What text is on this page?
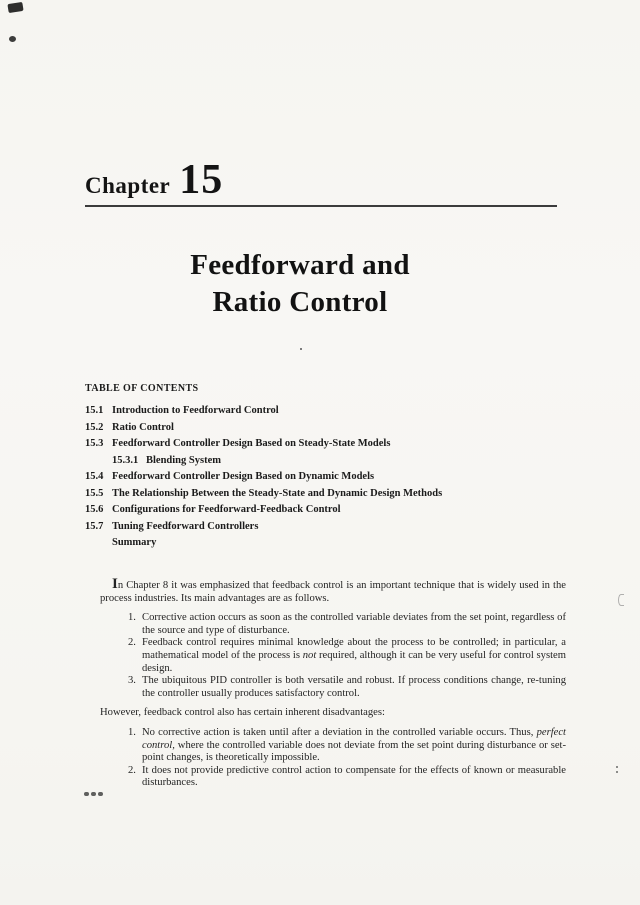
Chapter 15
Feedforward and
Ratio Control
TABLE OF CONTENTS
15.1 Introduction to Feedforward Control
15.2 Ratio Control
15.3 Feedforward Controller Design Based on Steady-State Models
15.3.1 Blending System
15.4 Feedforward Controller Design Based on Dynamic Models
15.5 The Relationship Between the Steady-State and Dynamic Design Methods
15.6 Configurations for Feedforward-Feedback Control
15.7 Tuning Feedforward Controllers
Summary

In Chapter 8 it was emphasized that feedback control is an important technique that is widely used in the process industries. Its main advantages are as follows.

1. Corrective action occurs as soon as the controlled variable deviates from the set point, regardless of the source and type of disturbance.
2. Feedback control requires minimal knowledge about the process to be controlled; in particular, a mathematical model of the process is not required, although it can be very useful for control system design.
3. The ubiquitous PID controller is both versatile and robust. If process conditions change, re-tuning the controller usually produces satisfactory control.

However, feedback control also has certain inherent disadvantages:

1. No corrective action is taken until after a deviation in the controlled variable occurs. Thus, perfect control, where the controlled variable does not deviate from the set point during disturbance or set-point changes, is theoretically impossible.
2. It does not provide predictive control action to compensate for the effects of known or measurable disturbances.
